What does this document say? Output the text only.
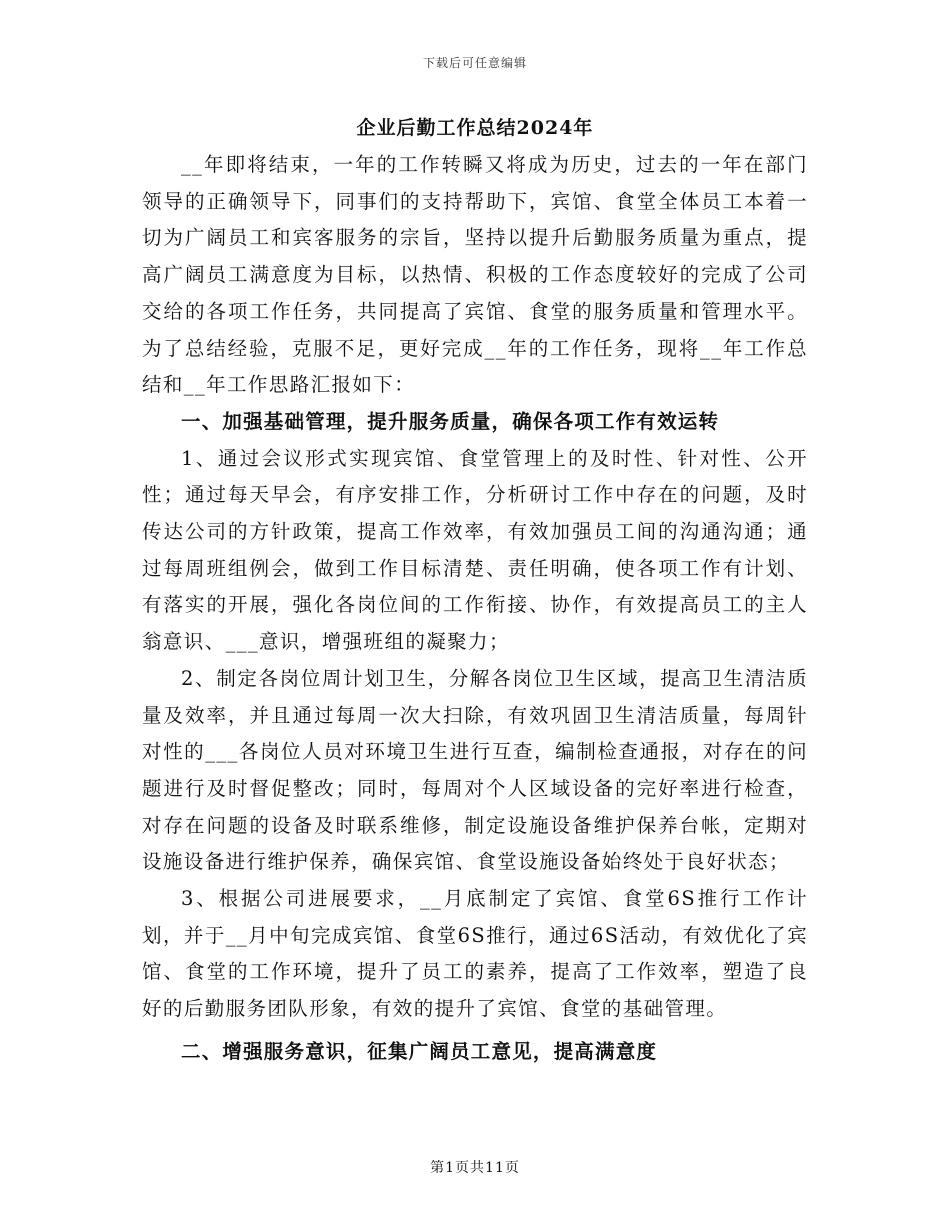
下载后可任意编辑
企业后勤工作总结2024年

__年即将结束，一年的工作转瞬又将成为历史，过去的一年在部门领导的正确领导下，同事们的支持帮助下，宾馆、食堂全体员工本着一切为广阔员工和宾客服务的宗旨，坚持以提升后勤服务质量为重点，提高广阔员工满意度为目标，以热情、积极的工作态度较好的完成了公司交给的各项工作任务，共同提高了宾馆、食堂的服务质量和管理水平。为了总结经验，克服不足，更好完成__年的工作任务，现将__年工作总结和__年工作思路汇报如下：

一、加强基础管理，提升服务质量，确保各项工作有效运转

1、通过会议形式实现宾馆、食堂管理上的及时性、针对性、公开性；通过每天早会，有序安排工作，分析研讨工作中存在的问题，及时传达公司的方针政策，提高工作效率，有效加强员工间的沟通沟通；通过每周班组例会，做到工作目标清楚、责任明确，使各项工作有计划、有落实的开展，强化各岗位间的工作衔接、协作，有效提高员工的主人翁意识、___意识，增强班组的凝聚力；

2、制定各岗位周计划卫生，分解各岗位卫生区域，提高卫生清洁质量及效率，并且通过每周一次大扫除，有效巩固卫生清洁质量，每周针对性的___各岗位人员对环境卫生进行互查，编制检查通报，对存在的问题进行及时督促整改；同时，每周对个人区域设备的完好率进行检查，对存在问题的设备及时联系维修，制定设施设备维护保养台帐，定期对设施设备进行维护保养，确保宾馆、食堂设施设备始终处于良好状态；

3、根据公司进展要求，__月底制定了宾馆、食堂6S推行工作计划，并于__月中旬完成宾馆、食堂6S推行，通过6S活动，有效优化了宾馆、食堂的工作环境，提升了员工的素养，提高了工作效率，塑造了良好的后勤服务团队形象，有效的提升了宾馆、食堂的基础管理。

二、增强服务意识，征集广阔员工意见，提高满意度

第1页共11页
